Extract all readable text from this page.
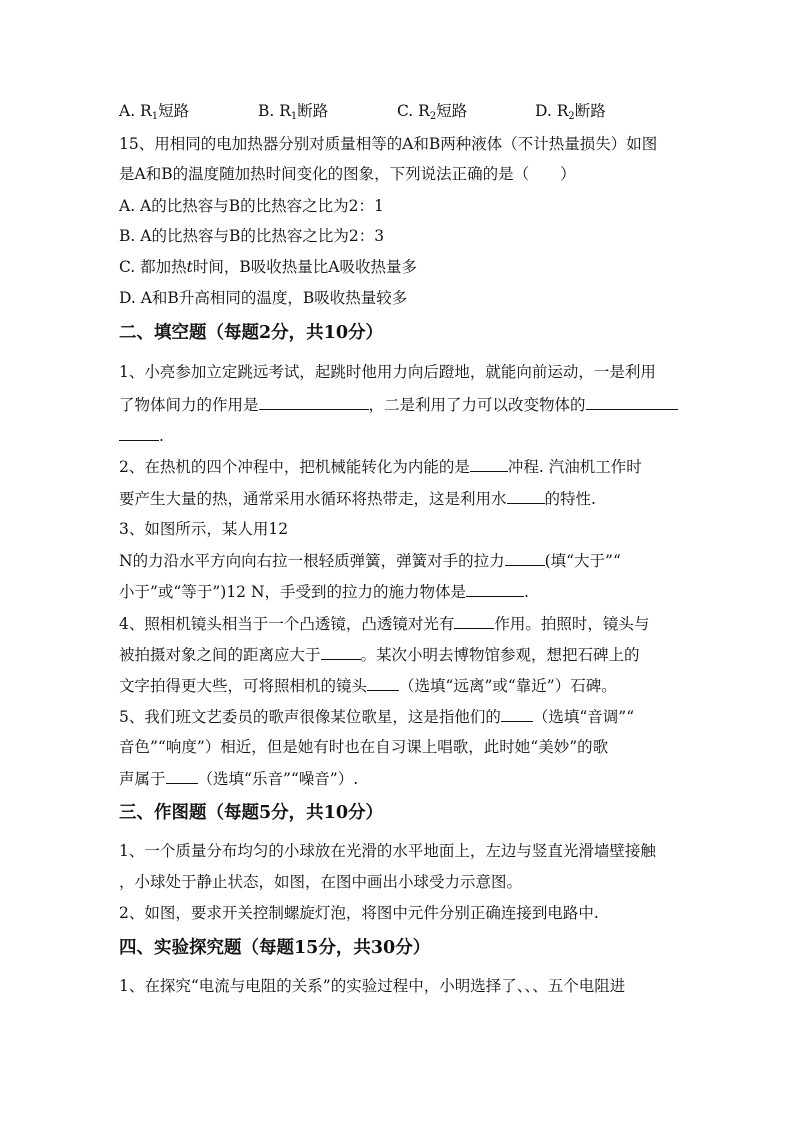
A. $R_1$短路	B. $R_1$断路	C. $R_2$短路	D. $R_2$断路
15、用相同的电加热器分别对质量相等的A和B两种液体（不计热量损失）如图
是A和B的温度随加热时间变化的图象，下列说法正确的是（　　）
A. A的比热容与B的比热容之比为2：1
B. A的比热容与B的比热容之比为2：3
C. 都加热t时间，B吸收热量比A吸收热量多
D. A和B升高相同的温度，B吸收热量较多
二、填空题（每题2分，共10分）
1、小亮参加立定跳远考试，起跳时他用力向后蹬地，就能向前运动，一是利用
了物体间力的作用是	，二是利用了力可以改变物体的
.
2、在热机的四个冲程中，把机械能转化为内能的是 冲程. 汽油机工作时
要产生大量的热，通常采用水循环将热带走，这是利用水 的特性.
3、如图所示，某人用12
N的力沿水平方向向右拉一根轻质弹簧，弹簧对手的拉力	(填“大于”“
小于”或“等于”)12 N，手受到的拉力的施力物体是	.
4、照相机镜头相当于一个凸透镜，凸透镜对光有	作用。拍照时，镜头与
被拍摄对象之间的距离应大于	。某次小明去博物馆参观，想把石碑上的
文字拍得更大些，可将照相机的镜头 （选填“远离”或“靠近”）石碑。
5、我们班文艺委员的歌声很像某位歌星，这是指他们的 （选填“音调”“
音色”“响度”）相近，但是她有时也在自习课上唱歌，此时她“美妙”的歌
声属于 （选填“乐音”“噪音”）.
三、作图题（每题5分，共10分）
1、一个质量分布均匀的小球放在光滑的水平地面上，左边与竖直光滑墙壁接触
，小球处于静止状态，如图，在图中画出小球受力示意图。
2、如图，要求开关控制螺旋灯泡，将图中元件分别正确连接到电路中.
四、实验探究题（每题15分，共30分）
1、在探究“电流与电阻的关系”的实验过程中，小明选择了、、、五个电阻进
